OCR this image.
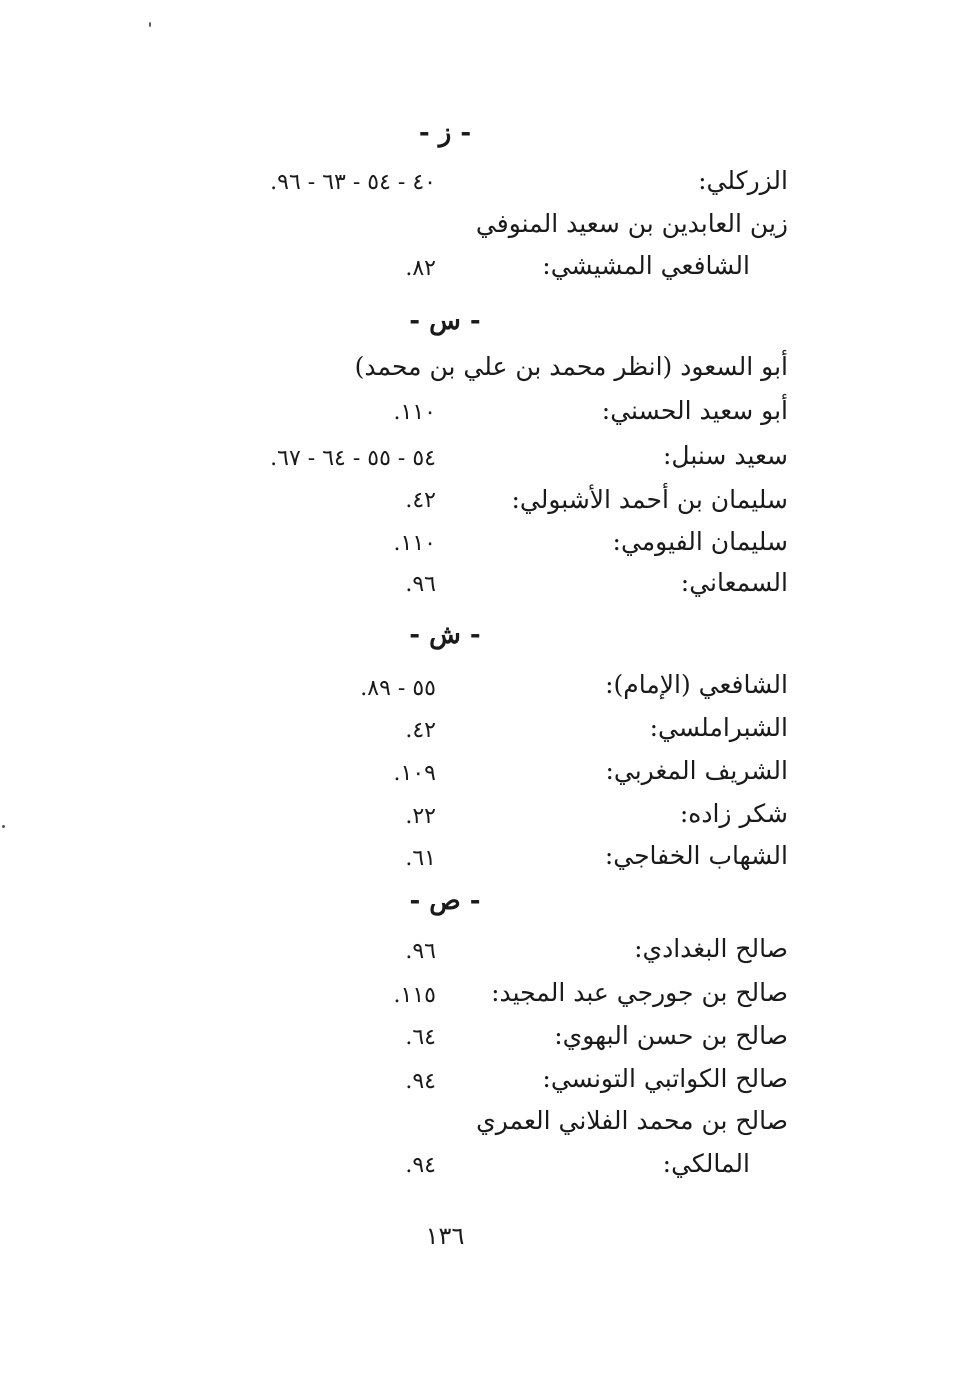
- ز -
الزركلي:
٤٠ - ٥٤ - ٦٣ - ٩٦.
زين العابدين بن سعيد المنوفي
الشافعي المشيشي:
٨٢.
- س -
أبو السعود (انظر محمد بن علي بن محمد)
أبو سعيد الحسني:
١١٠.
سعيد سنبل:
٥٤ - ٥٥ - ٦٤ - ٦٧.
سليمان بن أحمد الأشبولي:
٤٢.
سليمان الفيومي:
١١٠.
السمعاني:
٩٦.
- ش -
الشافعي (الإمام):
٥٥ - ٨٩.
الشبراملسي:
٤٢.
الشريف المغربي:
١٠٩.
شكر زاده:
٢٢.
الشهاب الخفاجي:
٦١.
- ص -
صالح البغدادي:
٩٦.
صالح بن جورجي عبد المجيد:
١١٥.
صالح بن حسن البهوي:
٦٤.
صالح الكواتبي التونسي:
٩٤.
صالح بن محمد الفلاني العمري
المالكي:
٩٤.
١٣٦
